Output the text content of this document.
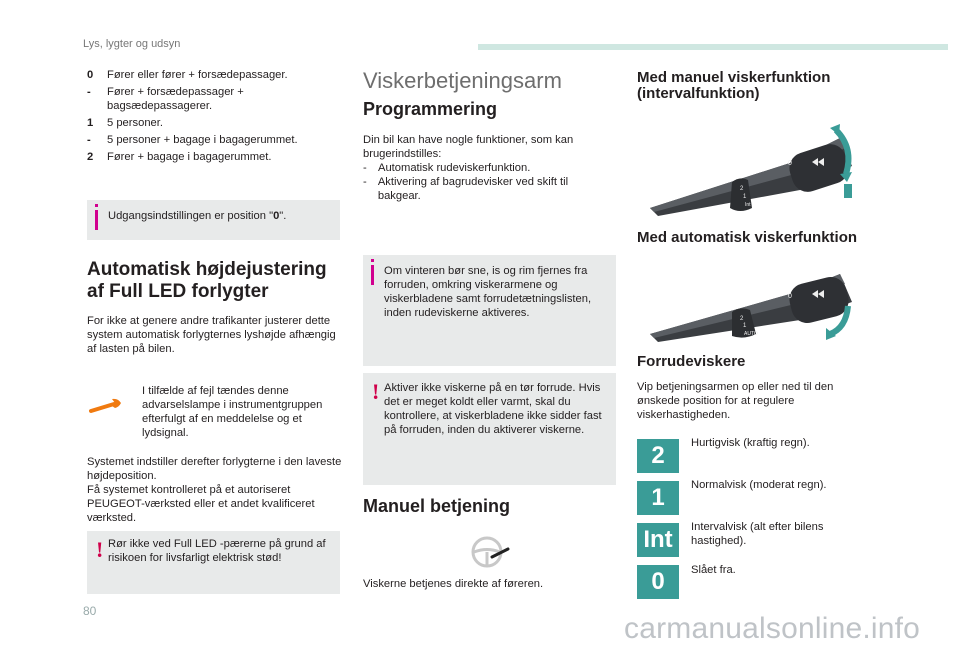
Lys, lygter og udsyn
0	Fører eller fører + forsædepassager.
-	Fører + forsædepassager + bagsædepassagerer.
1	5 personer.
-	5 personer + bagage i bagagerummet.
2	Fører + bagage i bagagerummet.
Udgangsindstillingen er position "0".
Automatisk højdejustering
af Full LED forlygter
For ikke at genere andre trafikanter justerer dette system automatisk forlygternes lyshøjde afhængig af lasten på bilen.
I tilfælde af fejl tændes denne advarselslampe i instrumentgruppen efterfulgt af en meddelelse og et lydsignal.
Systemet indstiller derefter forlygterne i den laveste højdeposition.
Få systemet kontrolleret på et autoriseret PEUGEOT-værksted eller et andet kvalificeret værksted.
! Rør ikke ved Full LED -pærerne på grund af risikoen for livsfarligt elektrisk stød!
Viskerbetjeningsarm
Programmering
Din bil kan have nogle funktioner, som kan brugerindstilles:
- Automatisk rudeviskerfunktion.
- Aktivering af bagrudevisker ved skift til bakgear.
Om vinteren bør sne, is og rim fjernes fra forruden, omkring viskerarmene og viskerbladene samt forrudetætningslisten, inden rudeviskerne aktiveres.
! Aktiver ikke viskerne på en tør forrude. Hvis det er meget koldt eller varmt, skal du kontrollere, at viskerbladene ikke sidder fast på forruden, inden du aktiverer viskerne.
Manuel betjening
Viskerne betjenes direkte af føreren.
Med manuel viskerfunktion
(intervalfunktion)
2
1
Int
0
Med automatisk viskerfunktion
2
1
AUTO
0
Forrudeviskere
Vip betjeningsarmen op eller ned til den ønskede position for at regulere viskerhastigheden.
2	Hurtigvisk (kraftig regn).
1	Normalvisk (moderat regn).
Int	Intervalvisk (alt efter bilens hastighed).
0	Slået fra.
80
carmanualsonline.info
